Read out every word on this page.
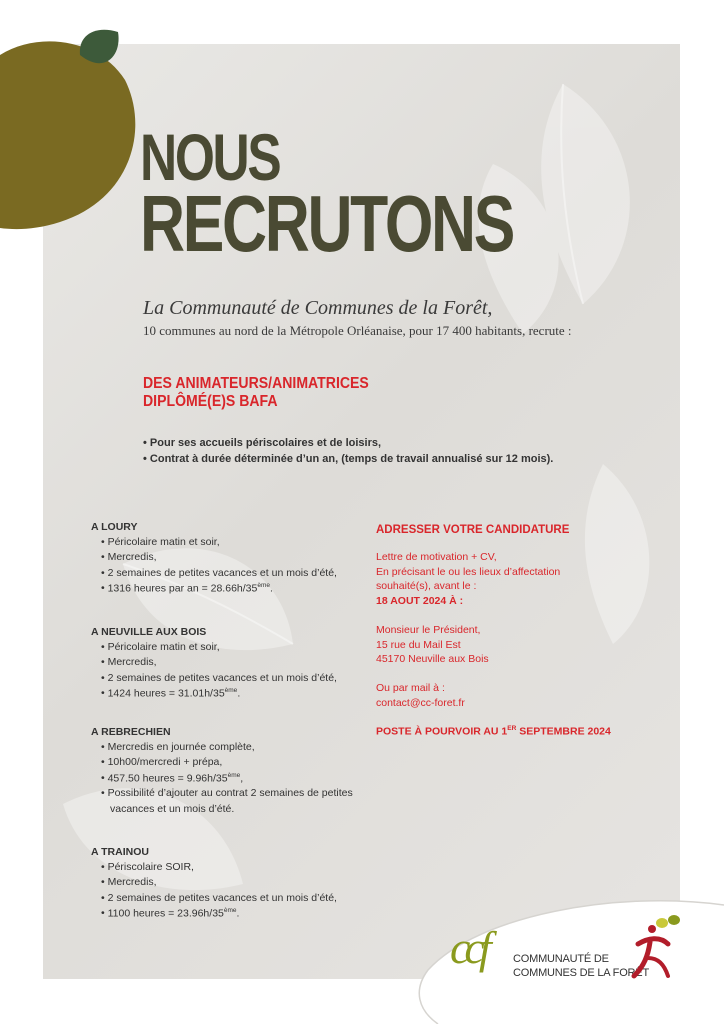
NOUS
RECRUTONS

La Communauté de Communes de la Forêt,

10 communes au nord de la Métropole Orléanaise, pour 17 400 habitants, recrute :

DES ANIMATEURS/ANIMATRICES
DIPLÔMÉ(E)S BAFA
• Pour ses accueils périscolaires et de loisirs,
• Contrat à durée déterminée d’un an, (temps de travail annualisé sur 12 mois).
A LOURY
• Péricolaire matin et soir,
• Mercredis,
• 2 semaines de petites vacances et un mois d’été,
• 1316 heures par an = 28.66h/35ème.
A NEUVILLE AUX BOIS
• Péricolaire matin et soir,
• Mercredis,
• 2 semaines de petites vacances et un mois d’été,
• 1424 heures = 31.01h/35ème.
A REBRECHIEN
• Mercredis en journée complète,
• 10h00/mercredi + prépa,
• 457.50 heures = 9.96h/35ème,
• Possibilité d’ajouter au contrat 2 semaines de petites vacances et un mois d’été.
A TRAINOU
• Périscolaire SOIR,
• Mercredis,
• 2 semaines de petites vacances et un mois d’été,
• 1100 heures = 23.96h/35ème.

ADRESSER VOTRE CANDIDATURE

Lettre de motivation + CV,

En précisant le ou les lieux d’affectation

souhaité(s), avant le :

18 AOUT 2024 À :

Monsieur le Président,

15 rue du Mail Est

45170 Neuville aux Bois

Ou par mail à :

contact@cc-foret.fr

POSTE À POURVOIR AU 1ER SEPTEMBRE 2024

ccf COMMUNAUTÉ DE
COMMUNES DE LA FORÊT
